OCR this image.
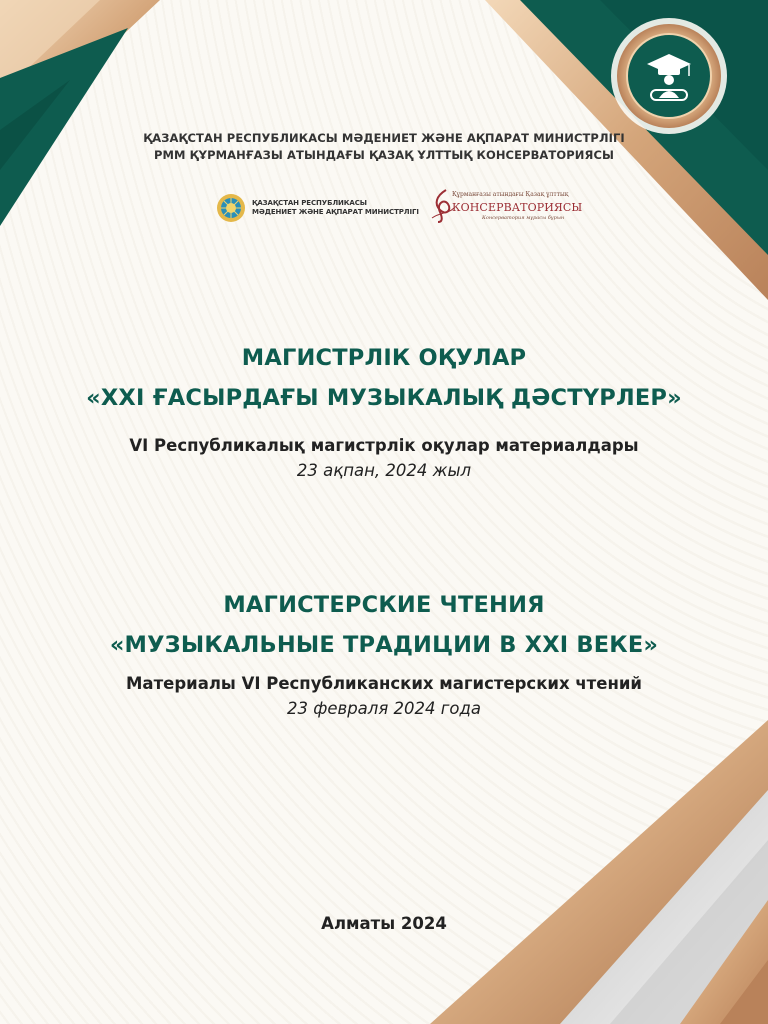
ҚАЗАҚСТАН РЕСПУБЛИКАСЫ МӘДЕНИЕТ ЖӘНЕ АҚПАРАТ МИНИСТРЛІГІ
РММ ҚҰРМАНҒАЗЫ АТЫНДАҒЫ ҚАЗАҚ ҰЛТТЫҚ КОНСЕРВАТОРИЯСЫ
ҚАЗАҚСТАН РЕСПУБЛИКАСЫ
МӘДЕНИЕТ ЖӘНЕ АҚПАРАТ МИНИСТРЛІГІ
Құрманғазы атындағы Қазақ ұлттық
КОНСЕРВАТОРИЯСЫ
Консерватория мұрасы бұрын
МАГИСТРЛІК ОҚУЛАР
«XXI ҒАСЫРДАҒЫ МУЗЫКАЛЫҚ ДӘСТҮРЛЕР»
VI Республикалық магистрлік оқулар материалдары
23 ақпан, 2024 жыл
МАГИСТЕРСКИЕ ЧТЕНИЯ
«МУЗЫКАЛЬНЫЕ ТРАДИЦИИ В XXI ВЕКЕ»
Материалы VI Республиканских магистерских чтений
23 февраля 2024 года
Алматы 2024
